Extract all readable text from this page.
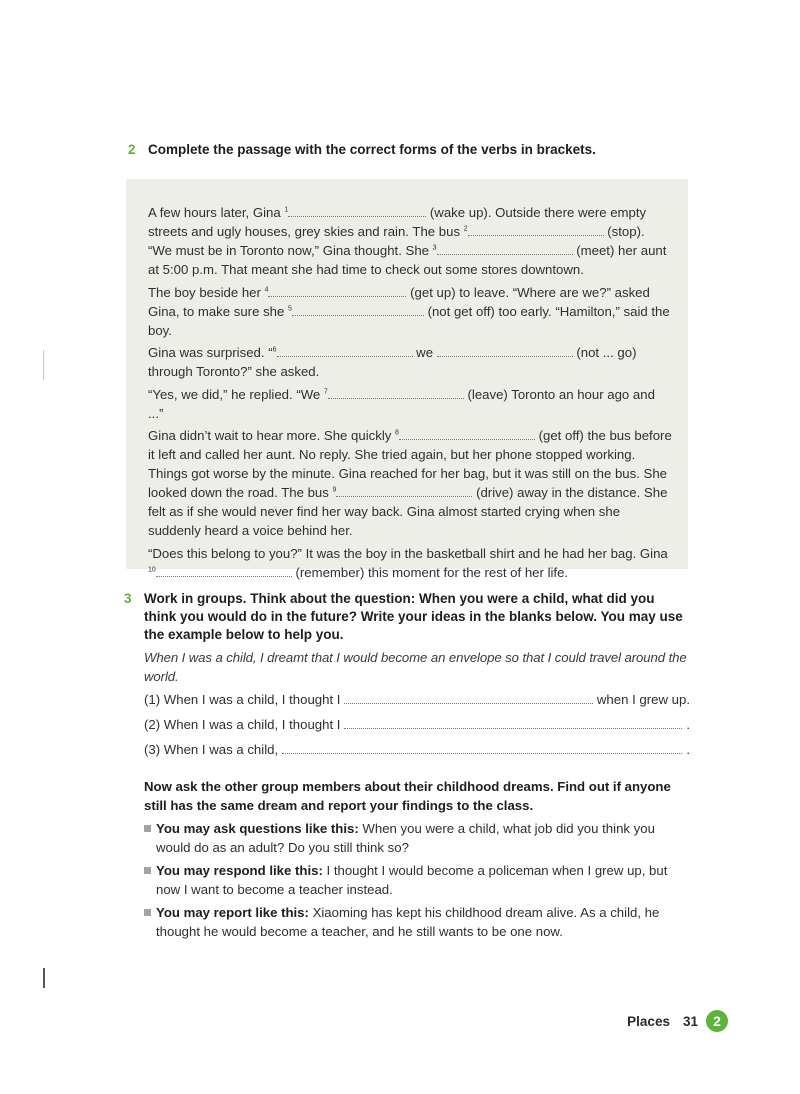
2 Complete the passage with the correct forms of the verbs in brackets.

A few hours later, Gina $^1$	(wake up). Outside there were empty streets and ugly houses, grey skies and rain. The bus $^2$	(stop). “We must be in Toronto now,” Gina thought. She $^3$	(meet) her aunt at 5:00 p.m. That meant she had time to check out some stores downtown.

The boy beside her $^4$	(get up) to leave. “Where are we?” asked Gina, to make sure she $^5$	(not get off) too early. “Hamilton,” said the boy.

Gina was surprised. “$^6$	we	(not ... go) through Toronto?” she asked.

“Yes, we did,” he replied. “We $^7$	(leave) Toronto an hour ago and ...”

Gina didn’t wait to hear more. She quickly $^8$	(get off) the bus before it left and called her aunt. No reply. She tried again, but her phone stopped working. Things got worse by the minute. Gina reached for her bag, but it was still on the bus. She looked down the road. The bus $^9$	(drive) away in the distance. She felt as if she would never find her way back. Gina almost started crying when she suddenly heard a voice behind her.

“Does this belong to you?” It was the boy in the basketball shirt and he had her bag. Gina $^{10}$	(remember) this moment for the rest of her life.

3 Work in groups. Think about the question: When you were a child, what did you think you would do in the future? Write your ideas in the blanks below. You may use the example below to help you.
When I was a child, I dreamt that I would become an envelope so that I could travel around the world.
(1) When I was a child, I thought I	when I grew up.
(2) When I was a child, I thought I	.
(3) When I was a child,	.
Now ask the other group members about their childhood dreams. Find out if anyone still has the same dream and report your findings to the class.
You may ask questions like this: When you were a child, what job did you think you would do as an adult? Do you still think so?
You may respond like this: I thought I would become a policeman when I grew up, but now I want to become a teacher instead.
You may report like this: Xiaoming has kept his childhood dream alive. As a child, he thought he would become a teacher, and he still wants to be one now.
Places 31	2
